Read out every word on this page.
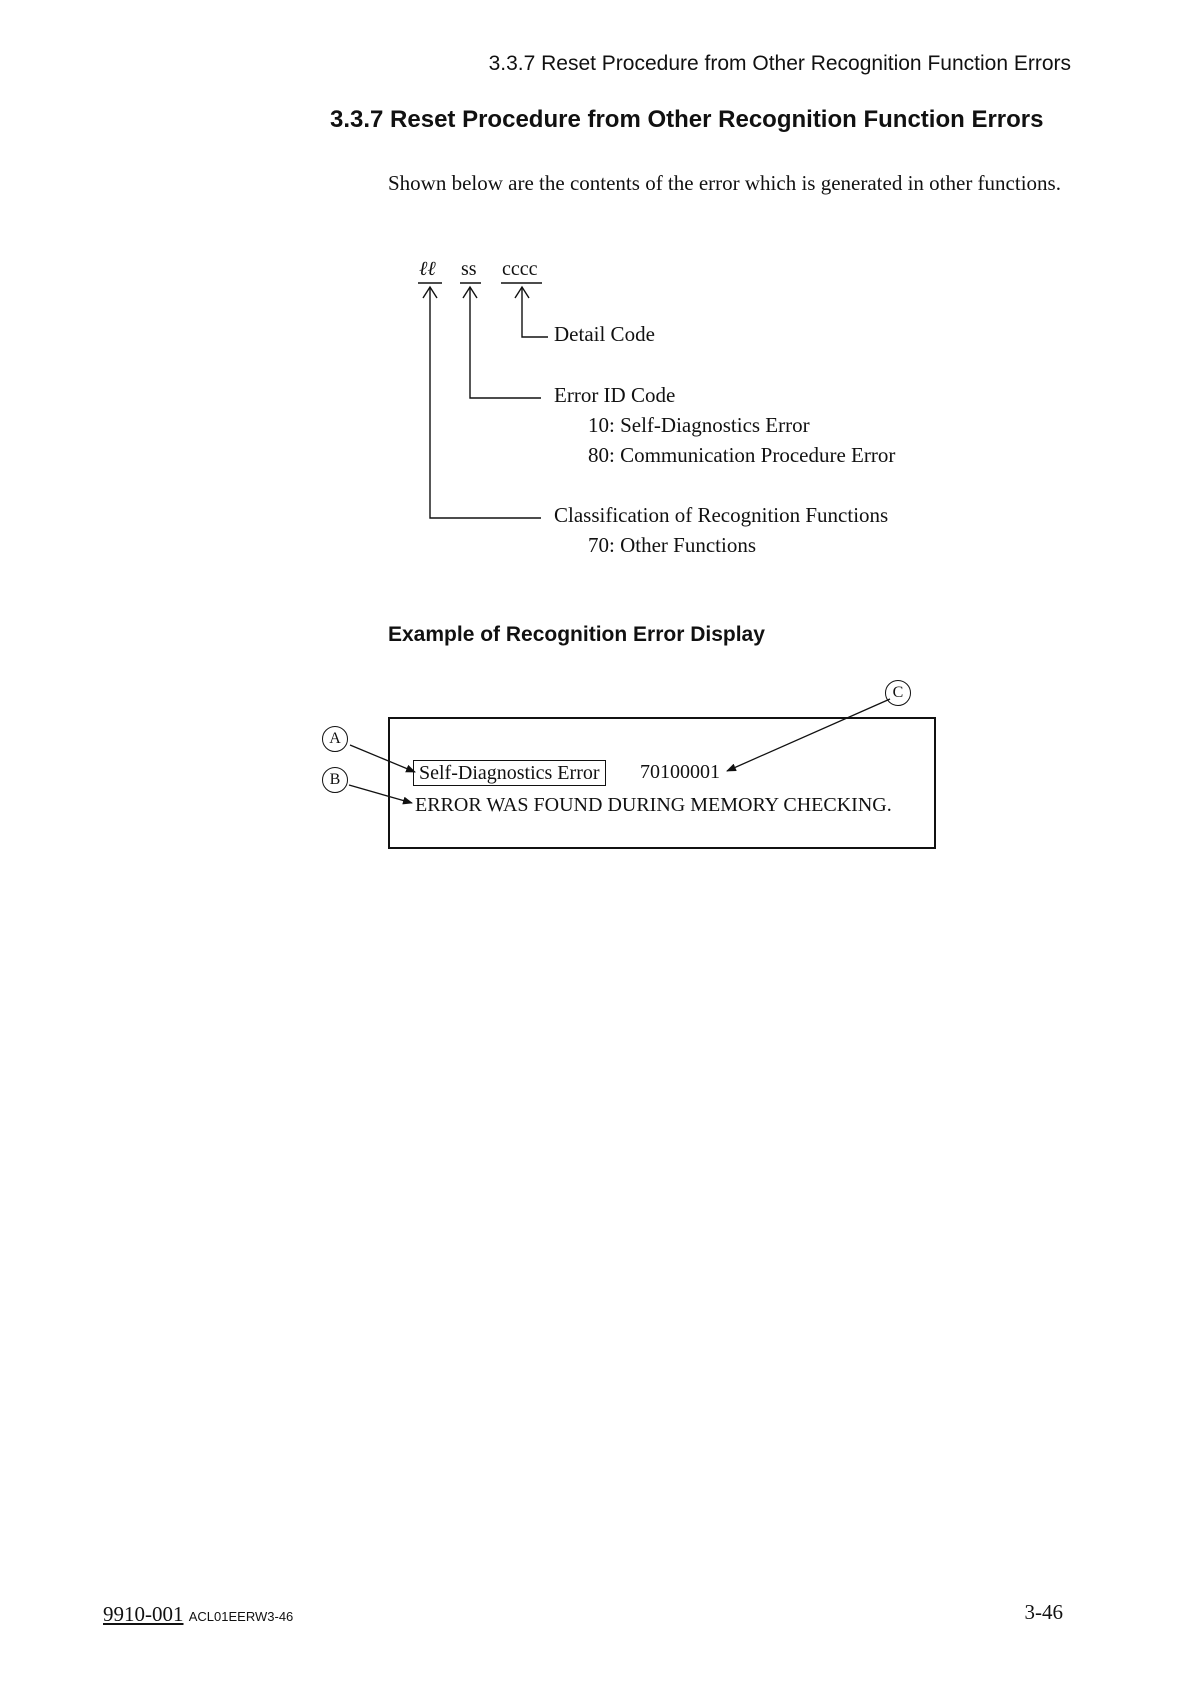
3.3.7 Reset Procedure from Other Recognition Function Errors
3.3.7 Reset Procedure from Other Recognition Function Errors
Shown below are the contents of the error which is generated in other functions.
ℓℓ ss cccc
Detail Code
Error ID Code
10: Self-Diagnostics Error
80: Communication Procedure Error
Classification of Recognition Functions
70: Other Functions
Example of Recognition Error Display
A
B
C
Self-Diagnostics Error	70100001
ERROR WAS FOUND DURING MEMORY CHECKING.
9910-001 ACL01EERW3-46	3-46
